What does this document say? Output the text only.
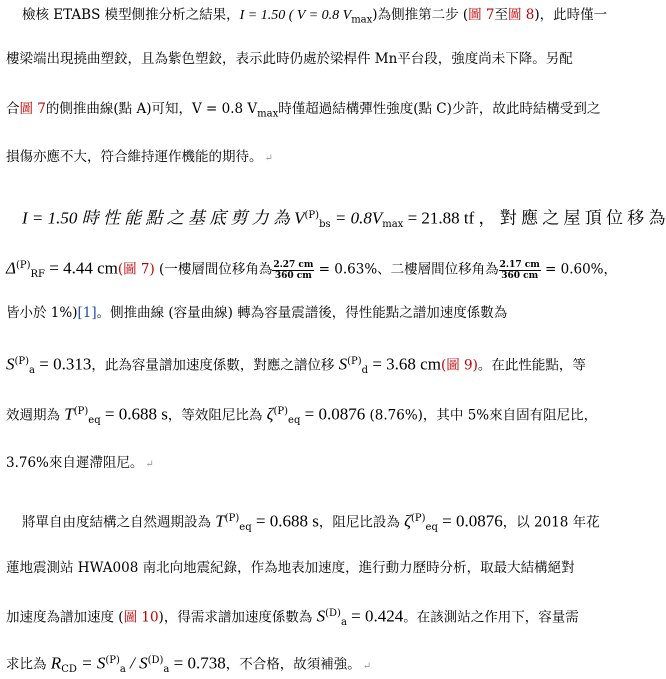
檢核 ETABS 模型側推分析之結果，I = 1.50 ( V = 0.8 $V_{max}$)為側推第二步 (圖 7至圖 8)，此時僅一
樓梁端出現撓曲塑鉸，且為紫色塑鉸，表示此時仍處於梁桿件 Mn平台段，強度尚未下降。另配
合圖 7的側推曲線(點 A)可知，V = 0.8 $V_{max}$時僅超過結構彈性強度(點 C)少許，故此時結構受到之
損傷亦應不大，符合維持運作機能的期待。 ↵
I = 1.50 時 性 能 點 之 基 底 剪 力 為 $V^{(P)}_{bs} = 0.8V_{max} = 21.88$ tf ， 對 應 之 屋 頂 位 移 為
$\Delta^{(P)}_{RF} = 4.44$ cm(圖 7) (一樓層間位移角為 $\frac{2.27 cm}{360 cm} = 0.63\%$、二樓層間位移角為 $\frac{2.17 cm}{360 cm} = 0.60\%$，
皆小於 1%)[1]。側推曲線 (容量曲線) 轉為容量震譜後，得性能點之譜加速度係數為
$S^{(P)}_a = 0.313$，此為容量譜加速度係數，對應之譜位移 $S^{(P)}_d = 3.68$ cm(圖 9)。在此性能點，等
效週期為 $T^{(P)}_{eq} = 0.688$ s，等效阻尼比為 $\zeta^{(P)}_{eq} = 0.0876$ (8.76%)，其中 5%來自固有阻尼比，
3.76%來自遲滯阻尼。 ↵
將單自由度結構之自然週期設為 $T^{(P)}_{eq} = 0.688$ s，阻尼比設為 $\zeta^{(P)}_{eq} = 0.0876$，以 2018 年花
蓮地震測站 HWA008 南北向地震紀錄，作為地表加速度，進行動力歷時分析，取最大結構絕對
加速度為譜加速度 (圖 10)，得需求譜加速度係數為 $S^{(D)}_a = 0.424$。在該測站之作用下，容量需
求比為 $R_{CD} = S^{(P)}_a / S^{(D)}_a = 0.738$，不合格，故須補強。 ↵
